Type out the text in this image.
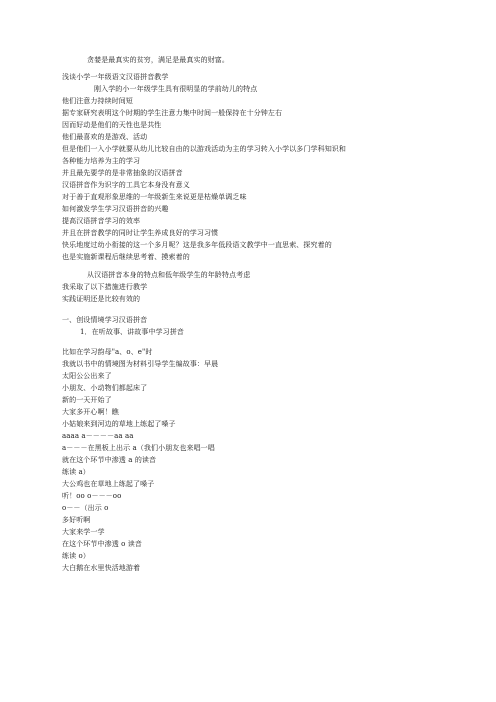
贪婪是最真实的贫穷，满足是最真实的财富。
浅谈小学一年级语文汉语拼音教学
刚入学的小一年级学生具有很明显的学前幼儿的特点
他们注意力持续时间短
据专家研究表明这个时期的学生注意力集中时间一般保持在十分钟左右
因而好动是他们的天性也是共性
他们最喜欢的是游戏、活动
但是他们一入小学就要从幼儿比较自由的以游戏活动为主的学习转入小学以多门学科知识和
各种能力培养为主的学习
并且最先要学的是非常抽象的汉语拼音
汉语拼音作为识字的工具它本身没有意义
对于善于直观形象思维的一年级新生来说更是枯燥单调乏味
如何激发学生学习汉语拼音的兴趣
提高汉语拼音学习的效率
并且在拼音教学的同时让学生养成良好的学习习惯
快乐地度过幼小衔接的这一个多月呢？这是我多年低段语文教学中一直思索、探究着的
也是实施新课程后继续思考着、摸索着的
从汉语拼音本身的特点和低年级学生的年龄特点考虑
我采取了以下措施进行教学
实践证明还是比较有效的
一、创设情境学习汉语拼音
1．在听故事、讲故事中学习拼音
比如在学习韵母"a、o、e"时
我就以书中的情境图为材料引导学生编故事：早晨
太阳公公出来了
小朋友、小动物们都起床了
新的一天开始了
大家多开心啊！瞧
小姑娘来到河边的草地上练起了嗓子
aaaa a－－－－aa aa
a－－－在黑板上出示 a（我们小朋友也来唱一唱
就在这个环节中渗透 a 的读音
练读 a）
大公鸡也在草地上练起了嗓子
听！oo o－－－oo
o－－（出示 o
多好听啊
大家来学一学
在这个环节中渗透 o 读音
练读 o）
大白鹅在水里快活地游着
